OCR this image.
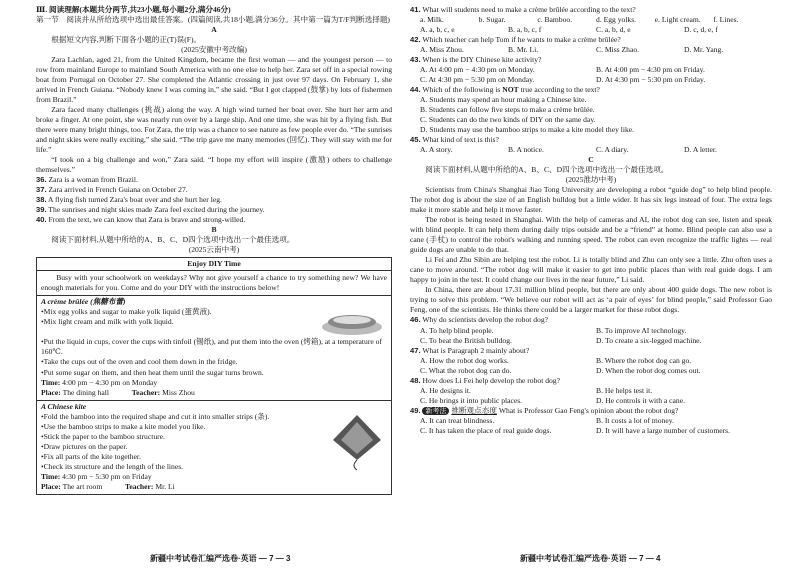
Ⅲ. 阅读理解(本题共分两节,共23小题,每小题2分,满分46分)

第一节　阅读并从所给选项中选出最佳答案。(四篇阅读,共18小题,满分36分。其中第一篇为T/F判断选择题)

A

根据短文内容,判断下面各小题的正(T)误(F)。

(2025安徽中考改编)

Zara Lachlan, aged 21, from the United Kingdom, became the first woman — and the youngest person — to row from mainland Europe to mainland South America with no one else to help her. Zara set off in a special rowing boat from Portugal on October 27. She completed the Atlantic crossing in just over 97 days. On February 1, she arrived in French Guiana. “Nobody knew I was coming in,” she said. “But I got clapped (鼓掌) by lots of fishermen from Brazil.”

Zara faced many challenges (挑战) along the way. A high wind turned her boat over. She hurt her arm and broke a finger. At one point, she was nearly run over by a large ship. And one time, she was hit by a flying fish. But there were many bright things, too. For Zara, the trip was a chance to see nature as few people ever do. “The sunrises and night skies were really exciting,” she said. “The trip gave me many memories (回忆). They will stay with me for life.”

“I took on a big challenge and won,” Zara said. “I hope my effort will inspire (激励) others to challenge themselves.”

36. Zara is a woman from Brazil.

37. Zara arrived in French Guiana on October 27.

38. A flying fish turned Zara's boat over and she hurt her leg.

39. The sunrises and night skies made Zara feel excited during the journey.

40. From the text, we can know that Zara is brave and strong-willed.

B

阅读下面材料,从题中所给的A、B、C、D四个选项中选出一个最佳选项。

(2025云南中考)

Enjoy DIY Time

Busy with your schoolwork on weekdays? Why not give yourself a chance to try something new? We have enough materials for you. Come and do your DIY with the instructions below!

A crème brûlée (焦糖布蕾)
• Mix egg yolks and sugar to make yolk liquid (蛋黄液).
• Mix light cream and milk with yolk liquid.
• Put the liquid in cups, cover the cups with tinfoil (锡纸), and put them into the oven (烤箱), at a temperature of 160℃.
• Take the cups out of the oven and cool them down in the fridge.
• Put some sugar on them, and then heat them until the sugar turns brown.
Time: 4:00 pm − 4:30 pm on Monday
Place: The dining hall　　　	Teacher: Miss Zhou
A Chinese kite
• Fold the bamboo into the required shape and cut it into smaller strips (条).
• Use the bamboo strips to make a kite model you like.
• Stick the paper to the bamboo structure.
• Draw pictures on the paper.
• Fix all parts of the kite together.
• Check its structure and the length of the lines.
Time: 4:30 pm − 5:30 pm on Friday
Place: The art room　　　	Teacher: Mr. Li

41. What will students need to make a crème brûlée according to the text?

a. Milk.	b. Sugar.	c. Bamboo.	d. Egg yolks.	e. Light cream.	f. Lines.
A. a, b, c, e	B. a, b, c, f	C. a, b, d, e	D. c, d, e, f

42. Which teacher can help Tom if he wants to make a crème brûlée?

A. Miss Zhou.	B. Mr. Li.	C. Miss Zhao.	D. Mr. Yang.

43. When is the DIY Chinese kite activity?

A. At 4:00 pm − 4:30 pm on Monday.	B. At 4:00 pm − 4:30 pm on Friday.
C. At 4:30 pm − 5:30 pm on Monday.	D. At 4:30 pm − 5:30 pm on Friday.

44. Which of the following is NOT true according to the text?

A. Students may spend an hour making a Chinese kite.
B. Students can follow five steps to make a crème brûlée.
C. Students can do the two kinds of DIY on the same day.
D. Students may use the bamboo strips to make a kite model they like.

45. What kind of text is this?

A. A story.	B. A notice.	C. A diary.	D. A letter.

C

阅读下面材料,从题中所给的A、B、C、D四个选项中选出一个最佳选项。

(2025淮坊中考)

Scientists from China's Shanghai Jiao Tong University are developing a robot “guide dog” to help blind people. The robot dog is about the size of an English bulldog but a little wider. It has six legs instead of four. The extra legs make it more stable and help it move faster.

The robot is being tested in Shanghai. With the help of cameras and AI, the robot dog can see, listen and speak with blind people. It can help them during daily trips outside and be a “friend” at home. Blind people can also use a cane (手杖) to control the robot's walking and running speed. The robot can even recognize the traffic lights — real guide dogs are unable to do that.

Li Fei and Zhu Sibin are helping test the robot. Li is totally blind and Zhu can only see a little. Zhu often uses a cane to move around. “The robot dog will make it easier to get into public places than with real guide dogs. I am happy to join in the test. It could change our lives in the near future,” Li said.

In China, there are about 17.31 million blind people, but there are only about 400 guide dogs. The new robot is trying to solve this problem. “We believe our robot will act as ‘a pair of eyes’ for blind people,” said Professor Gao Feng, one of the scientists. He thinks there could be a larger market for these robot dogs.

46. Why do scientists develop the robot dog?

A. To help blind people.	B. To improve AI technology.
C. To beat the British bulldog.	D. To create a six-legged machine.

47. What is Paragraph 2 mainly about?

A. How the robot dog works.	B. Where the robot dog can go.
C. What the robot dog can do.	D. When the robot dog comes out.

48. How does Li Fei help develop the robot dog?

A. He designs it.	B. He helps test it.
C. He brings it into public places.	D. He controls it with a cane.

49. 新考法 推断观点态度 What is Professor Gao Feng's opinion about the robot dog?

A. It can treat blindness.	B. It costs a lot of money.
C. It has taken the place of real guide dogs.	D. It will have a large number of customers.
新疆中考试卷汇编严选卷·英语 — 7 — 3	新疆中考试卷汇编严选卷·英语 — 7 — 4
